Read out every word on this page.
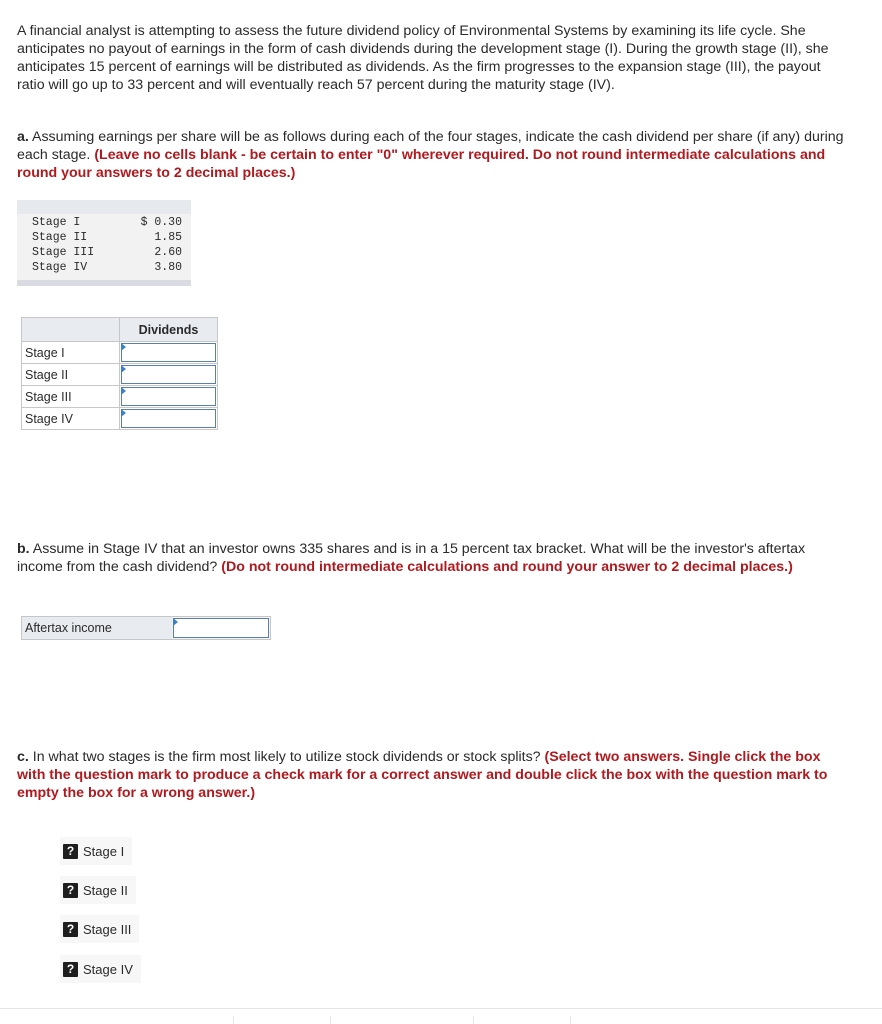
A financial analyst is attempting to assess the future dividend policy of Environmental Systems by examining its life cycle. She anticipates no payout of earnings in the form of cash dividends during the development stage (I). During the growth stage (II), she anticipates 15 percent of earnings will be distributed as dividends. As the firm progresses to the expansion stage (III), the payout ratio will go up to 33 percent and will eventually reach 57 percent during the maturity stage (IV).

a. Assuming earnings per share will be as follows during each of the four stages, indicate the cash dividend per share (if any) during each stage. (Leave no cells blank - be certain to enter "0" wherever required. Do not round intermediate calculations and round your answers to 2 decimal places.)

Stage I	$ 0.30
Stage II	1.85
Stage III	2.60
Stage IV	3.80
	Dividends
Stage I	

Stage II	

Stage III	

Stage IV	

b. Assume in Stage IV that an investor owns 335 shares and is in a 15 percent tax bracket. What will be the investor's aftertax income from the cash dividend? (Do not round intermediate calculations and round your answer to 2 decimal places.)

Aftertax income

c. In what two stages is the firm most likely to utilize stock dividends or stock splits? (Select two answers. Single click the box with the question mark to produce a check mark for a correct answer and double click the box with the question mark to empty the box for a wrong answer.)

? Stage I
? Stage II
? Stage III
? Stage IV
